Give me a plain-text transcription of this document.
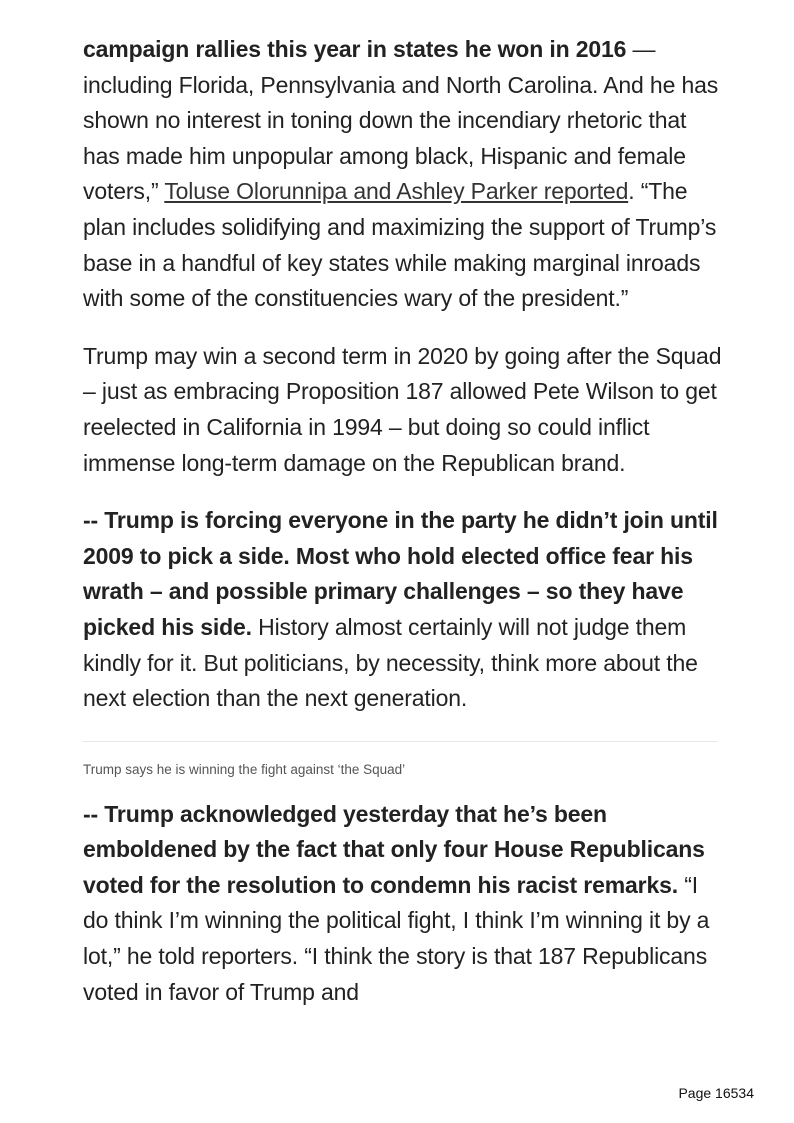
campaign rallies this year in states he won in 2016 — including Florida, Pennsylvania and North Carolina. And he has shown no interest in toning down the incendiary rhetoric that has made him unpopular among black, Hispanic and female voters,” Toluse Olorunnipa and Ashley Parker reported. “The plan includes solidifying and maximizing the support of Trump’s base in a handful of key states while making marginal inroads with some of the constituencies wary of the president.”

Trump may win a second term in 2020 by going after the Squad – just as embracing Proposition 187 allowed Pete Wilson to get reelected in California in 1994 – but doing so could inflict immense long-term damage on the Republican brand.

-- Trump is forcing everyone in the party he didn’t join until 2009 to pick a side. Most who hold elected office fear his wrath – and possible primary challenges – so they have picked his side. History almost certainly will not judge them kindly for it. But politicians, by necessity, think more about the next election than the next generation.

Trump says he is winning the fight against ‘the Squad’

-- Trump acknowledged yesterday that he’s been emboldened by the fact that only four House Republicans voted for the resolution to condemn his racist remarks. “I do think I’m winning the political fight, I think I’m winning it by a lot,” he told reporters. “I think the story is that 187 Republicans voted in favor of Trump and

Page 16534
